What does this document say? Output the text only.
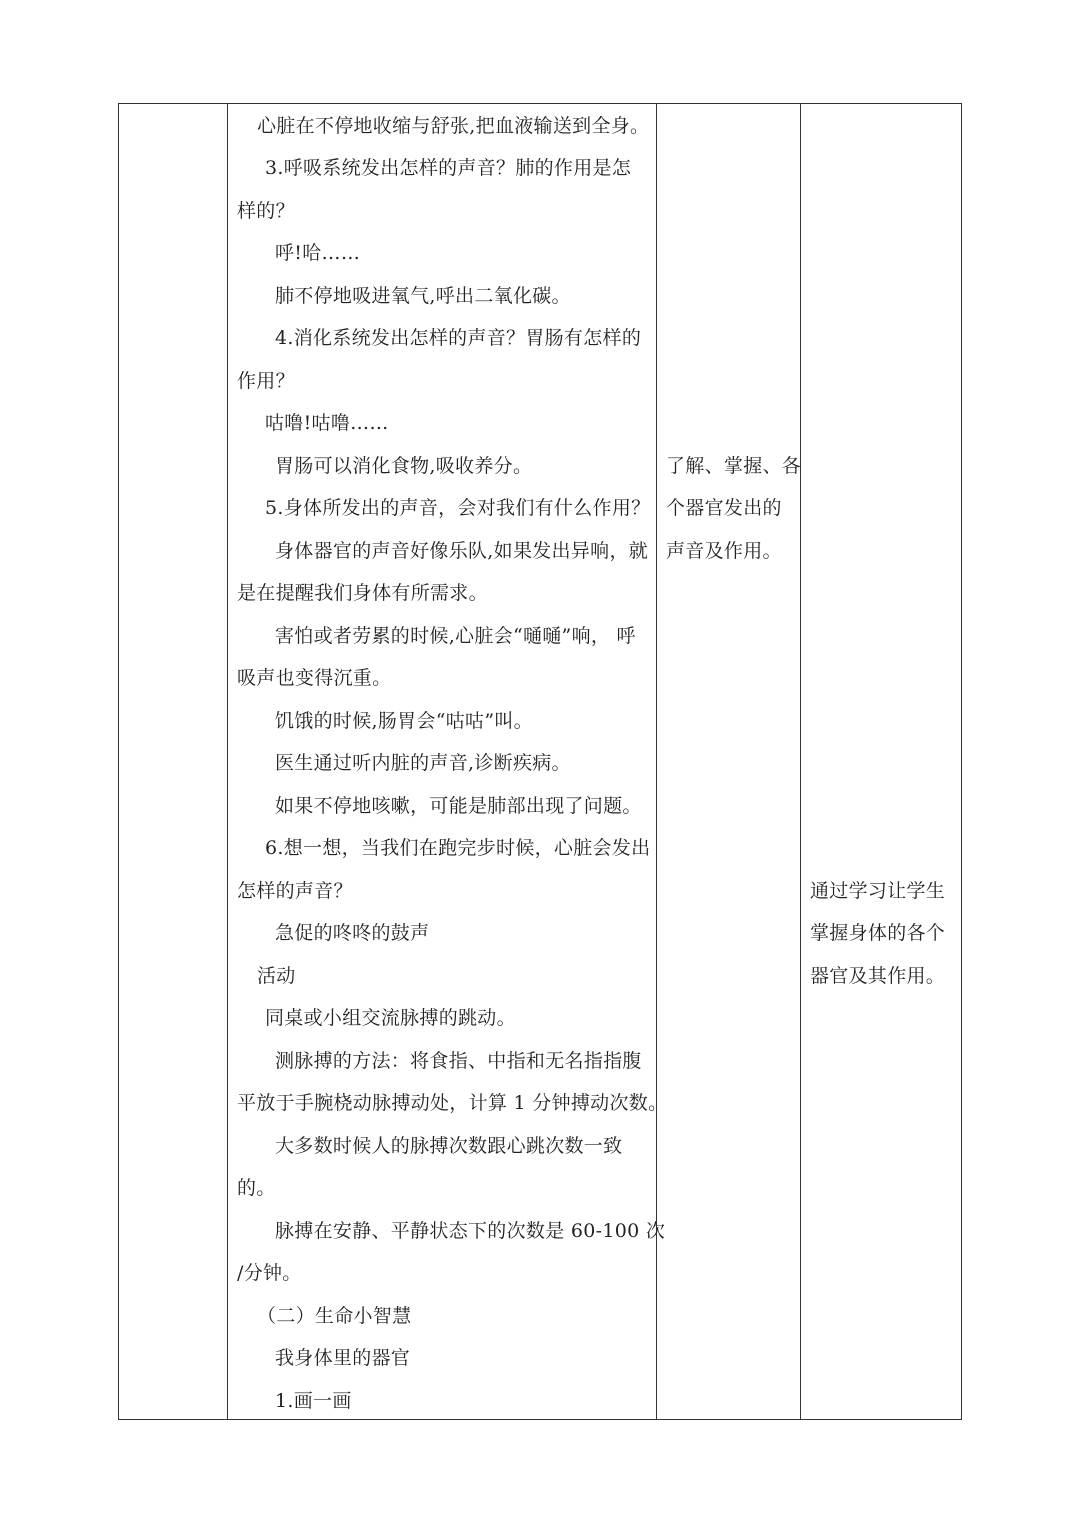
心脏在不停地收缩与舒张,把血液输送到全身。
3.呼吸系统发出怎样的声音？肺的作用是怎
样的？
呼!哈……
肺不停地吸进氧气,呼出二氧化碳。
4.消化系统发出怎样的声音？胃肠有怎样的
作用？
咕噜!咕噜……
胃肠可以消化食物,吸收养分。
5.身体所发出的声音，会对我们有什么作用？
身体器官的声音好像乐队,如果发出异响，就
是在提醒我们身体有所需求。
害怕或者劳累的时候,心脏会“嗵嗵”响， 呼
吸声也变得沉重。
饥饿的时候,肠胃会“咕咕”叫。
医生通过听内脏的声音,诊断疾病。
如果不停地咳嗽，可能是肺部出现了问题。
6.想一想，当我们在跑完步时候，心脏会发出
怎样的声音？
急促的咚咚的鼓声
活动
同桌或小组交流脉搏的跳动。
测脉搏的方法：将食指、中指和无名指指腹
平放于手腕桡动脉搏动处，计算 1 分钟搏动次数。
大多数时候人的脉搏次数跟心跳次数一致
的。
脉搏在安静、平静状态下的次数是 60-100 次
/分钟。
（二）生命小智慧
我身体里的器官
1.画一画
了解、掌握、各
个器官发出的
声音及作用。
通过学习让学生
掌握身体的各个
器官及其作用。
